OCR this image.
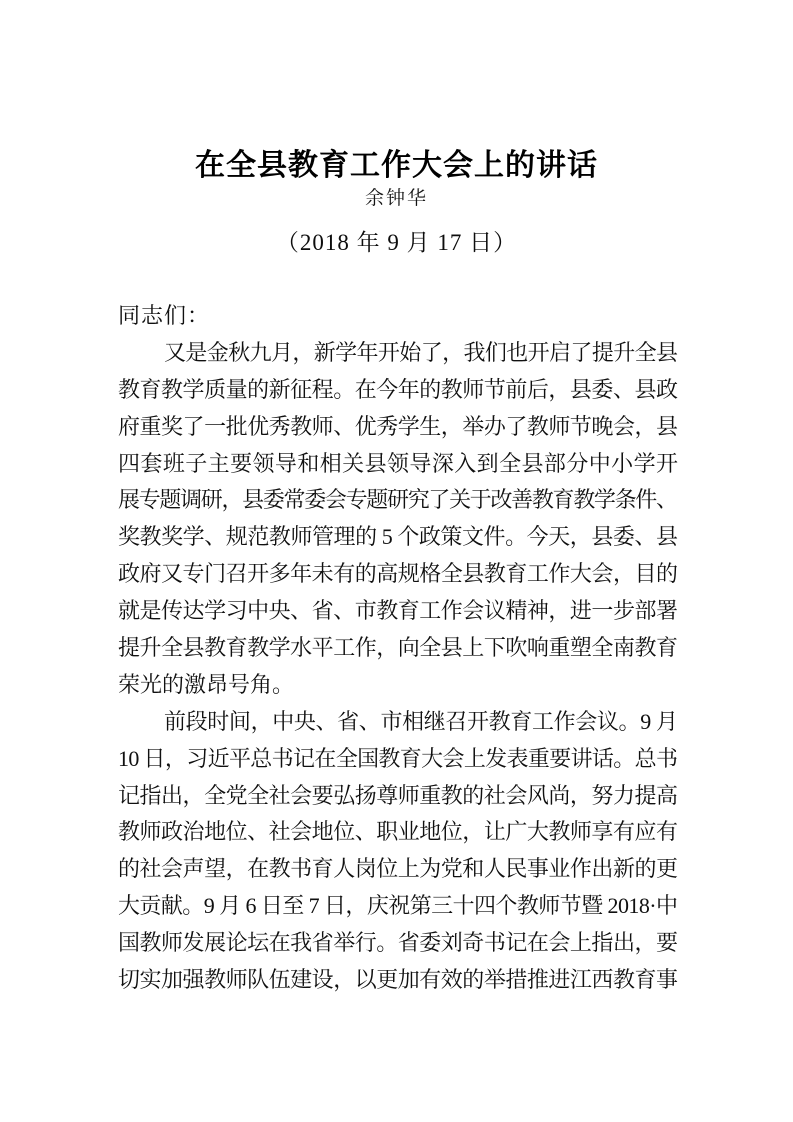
在全县教育工作大会上的讲话
余钟华
（2018 年 9 月 17 日）
同志们：
又是金秋九月，新学年开始了，我们也开启了提升全县
教育教学质量的新征程。在今年的教师节前后，县委、县政
府重奖了一批优秀教师、优秀学生，举办了教师节晚会，县
四套班子主要领导和相关县领导深入到全县部分中小学开
展专题调研，县委常委会专题研究了关于改善教育教学条件、
奖教奖学、规范教师管理的 5 个政策文件。今天，县委、县
政府又专门召开多年未有的高规格全县教育工作大会，目的
就是传达学习中央、省、市教育工作会议精神，进一步部署
提升全县教育教学水平工作，向全县上下吹响重塑全南教育
荣光的激昂号角。
前段时间，中央、省、市相继召开教育工作会议。9 月
10 日，习近平总书记在全国教育大会上发表重要讲话。总书
记指出，全党全社会要弘扬尊师重教的社会风尚，努力提高
教师政治地位、社会地位、职业地位，让广大教师享有应有
的社会声望，在教书育人岗位上为党和人民事业作出新的更
大贡献。9 月 6 日至 7 日，庆祝第三十四个教师节暨 2018·中
国教师发展论坛在我省举行。省委刘奇书记在会上指出，要
切实加强教师队伍建设，以更加有效的举措推进江西教育事
